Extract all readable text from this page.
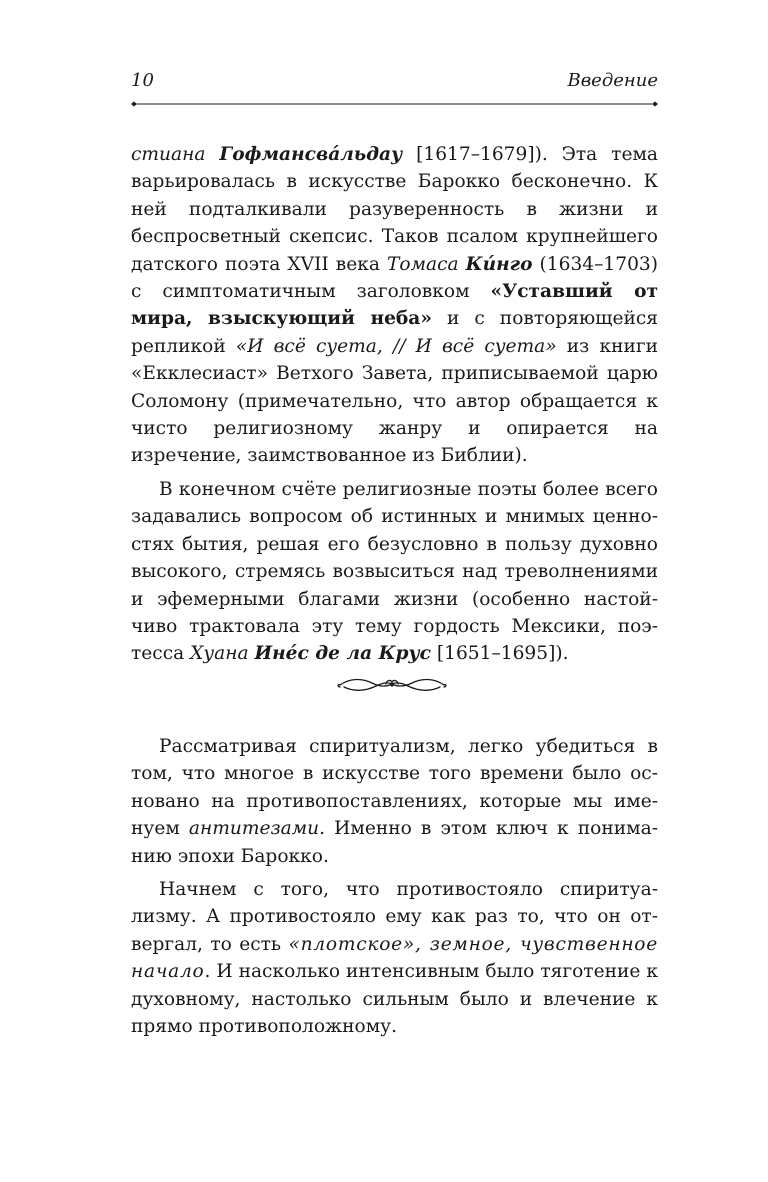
10	Введение

стиана Гофмансвáльдау [1617–1679]). Эта тема варьировалась в искусстве Барокко бесконечно. К ней подталкивали разуверенность в жизни и беспросветный скепсис. Таков псалом крупнейшего датского поэта XVII века Томаса Кúнго (1634–1703) с симптоматичным заголовком «Уставший от мира, взыскующий неба» и с повторяющейся репликой «И всё суета, // И всё суета» из книги «Екклесиаст» Ветхого Завета, приписываемой царю Соломону (примечательно, что автор обращается к чисто религиозному жанру и опирается на изречение, заимствованное из Библии).

В конечном счёте религиозные поэты более всего задавались вопросом об истинных и мнимых ценностях бытия, решая его безусловно в пользу духовно высокого, стремясь возвыситься над треволнениями и эфемерными благами жизни (особенно настойчиво трактовала эту тему гордость Мексики, поэтесса Хуана Инéс де ла Крус [1651–1695]).

Рассматривая спиритуализм, легко убедиться в том, что многое в искусстве того времени было основано на противопоставлениях, которые мы именуем антитезами. Именно в этом ключ к пониманию эпохи Барокко.

Начнем с того, что противостояло спиритуализму. А противостояло ему как раз то, что он отвергал, то есть «плотское», земное, чувственное начало. И насколько интенсивным было тяготение к духовному, настолько сильным было и влечение к прямо противоположному.
